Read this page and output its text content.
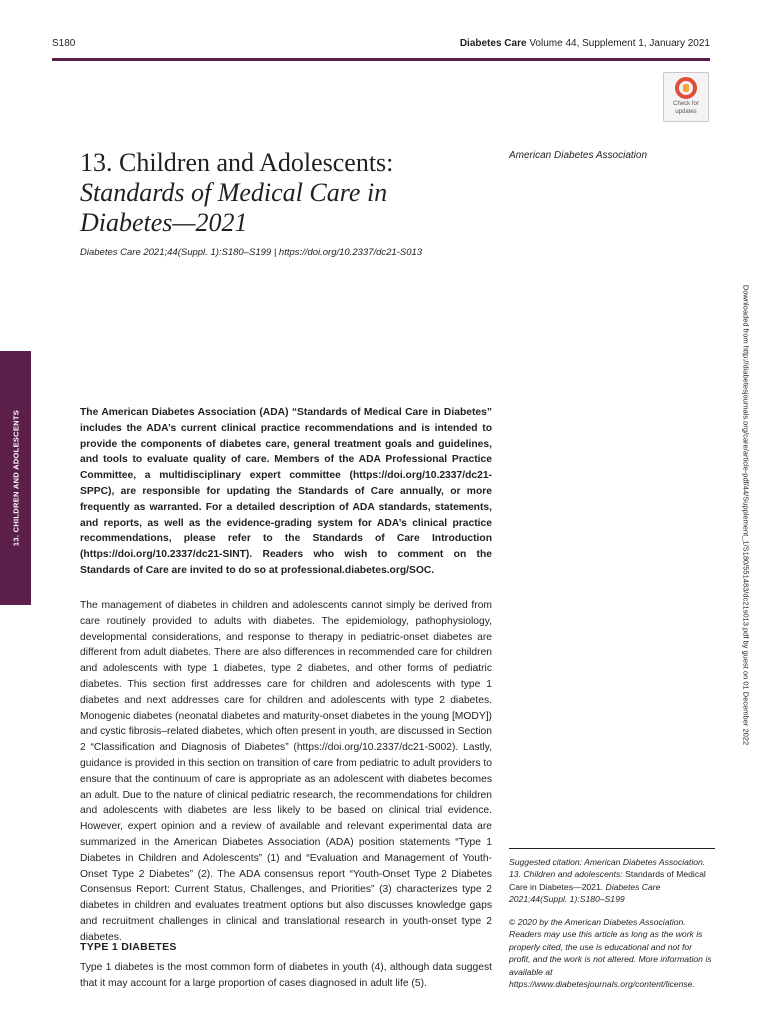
S180	Diabetes Care Volume 44, Supplement 1, January 2021
Check for
updates
13. Children and Adolescents:
Standards of Medical Care in Diabetes—2021
American Diabetes Association
Diabetes Care 2021;44(Suppl. 1):S180–S199 | https://doi.org/10.2337/dc21-S013
13. CHILDREN AND ADOLESCENTS	Downloaded from http://diabetesjournals.org/care/article-pdf/44/Supplement_1/S180/551483/dc21s013.pdf by guest on 01 December 2022

The American Diabetes Association (ADA) “Standards of Medical Care in Diabetes” includes the ADA’s current clinical practice recommendations and is intended to provide the components of diabetes care, general treatment goals and guidelines, and tools to evaluate quality of care. Members of the ADA Professional Practice Committee, a multidisciplinary expert committee (https://doi.org/10.2337/dc21-SPPC), are responsible for updating the Standards of Care annually, or more frequently as warranted. For a detailed description of ADA standards, statements, and reports, as well as the evidence-grading system for ADA’s clinical practice recommendations, please refer to the Standards of Care Introduction (https://doi.org/10.2337/dc21-SINT). Readers who wish to comment on the Standards of Care are invited to do so at professional.diabetes.org/SOC.

The management of diabetes in children and adolescents cannot simply be derived from care routinely provided to adults with diabetes. The epidemiology, pathophysiology, developmental considerations, and response to therapy in pediatric-onset diabetes are different from adult diabetes. There are also differences in recommended care for children and adolescents with type 1 diabetes, type 2 diabetes, and other forms of pediatric diabetes. This section first addresses care for children and adolescents with type 1 diabetes and next addresses care for children and adolescents with type 2 diabetes. Monogenic diabetes (neonatal diabetes and maturity-onset diabetes in the young [MODY]) and cystic fibrosis–related diabetes, which often present in youth, are discussed in Section 2 “Classification and Diagnosis of Diabetes” (https://doi.org/10.2337/dc21-S002). Lastly, guidance is provided in this section on transition of care from pediatric to adult providers to ensure that the continuum of care is appropriate as an adolescent with diabetes becomes an adult. Due to the nature of clinical pediatric research, the recommendations for children and adolescents with diabetes are less likely to be based on clinical trial evidence. However, expert opinion and a review of available and relevant experimental data are summarized in the American Diabetes Association (ADA) position statements “Type 1 Diabetes in Children and Adolescents” (1) and “Evaluation and Management of Youth-Onset Type 2 Diabetes” (2). The ADA consensus report “Youth-Onset Type 2 Diabetes Consensus Report: Current Status, Challenges, and Priorities” (3) characterizes type 2 diabetes in children and evaluates treatment options but also discusses knowledge gaps and recruitment challenges in clinical and translational research in youth-onset type 2 diabetes.

TYPE 1 DIABETES

Type 1 diabetes is the most common form of diabetes in youth (4), although data suggest that it may account for a large proportion of cases diagnosed in adult life (5).

Suggested citation: American Diabetes Association. 13. Children and adolescents: Standards of Medical Care in Diabetes—2021. Diabetes Care 2021;44(Suppl. 1):S180–S199

© 2020 by the American Diabetes Association. Readers may use this article as long as the work is properly cited, the use is educational and not for profit, and the work is not altered. More information is available at https://www.diabetesjournals.org/content/license.
